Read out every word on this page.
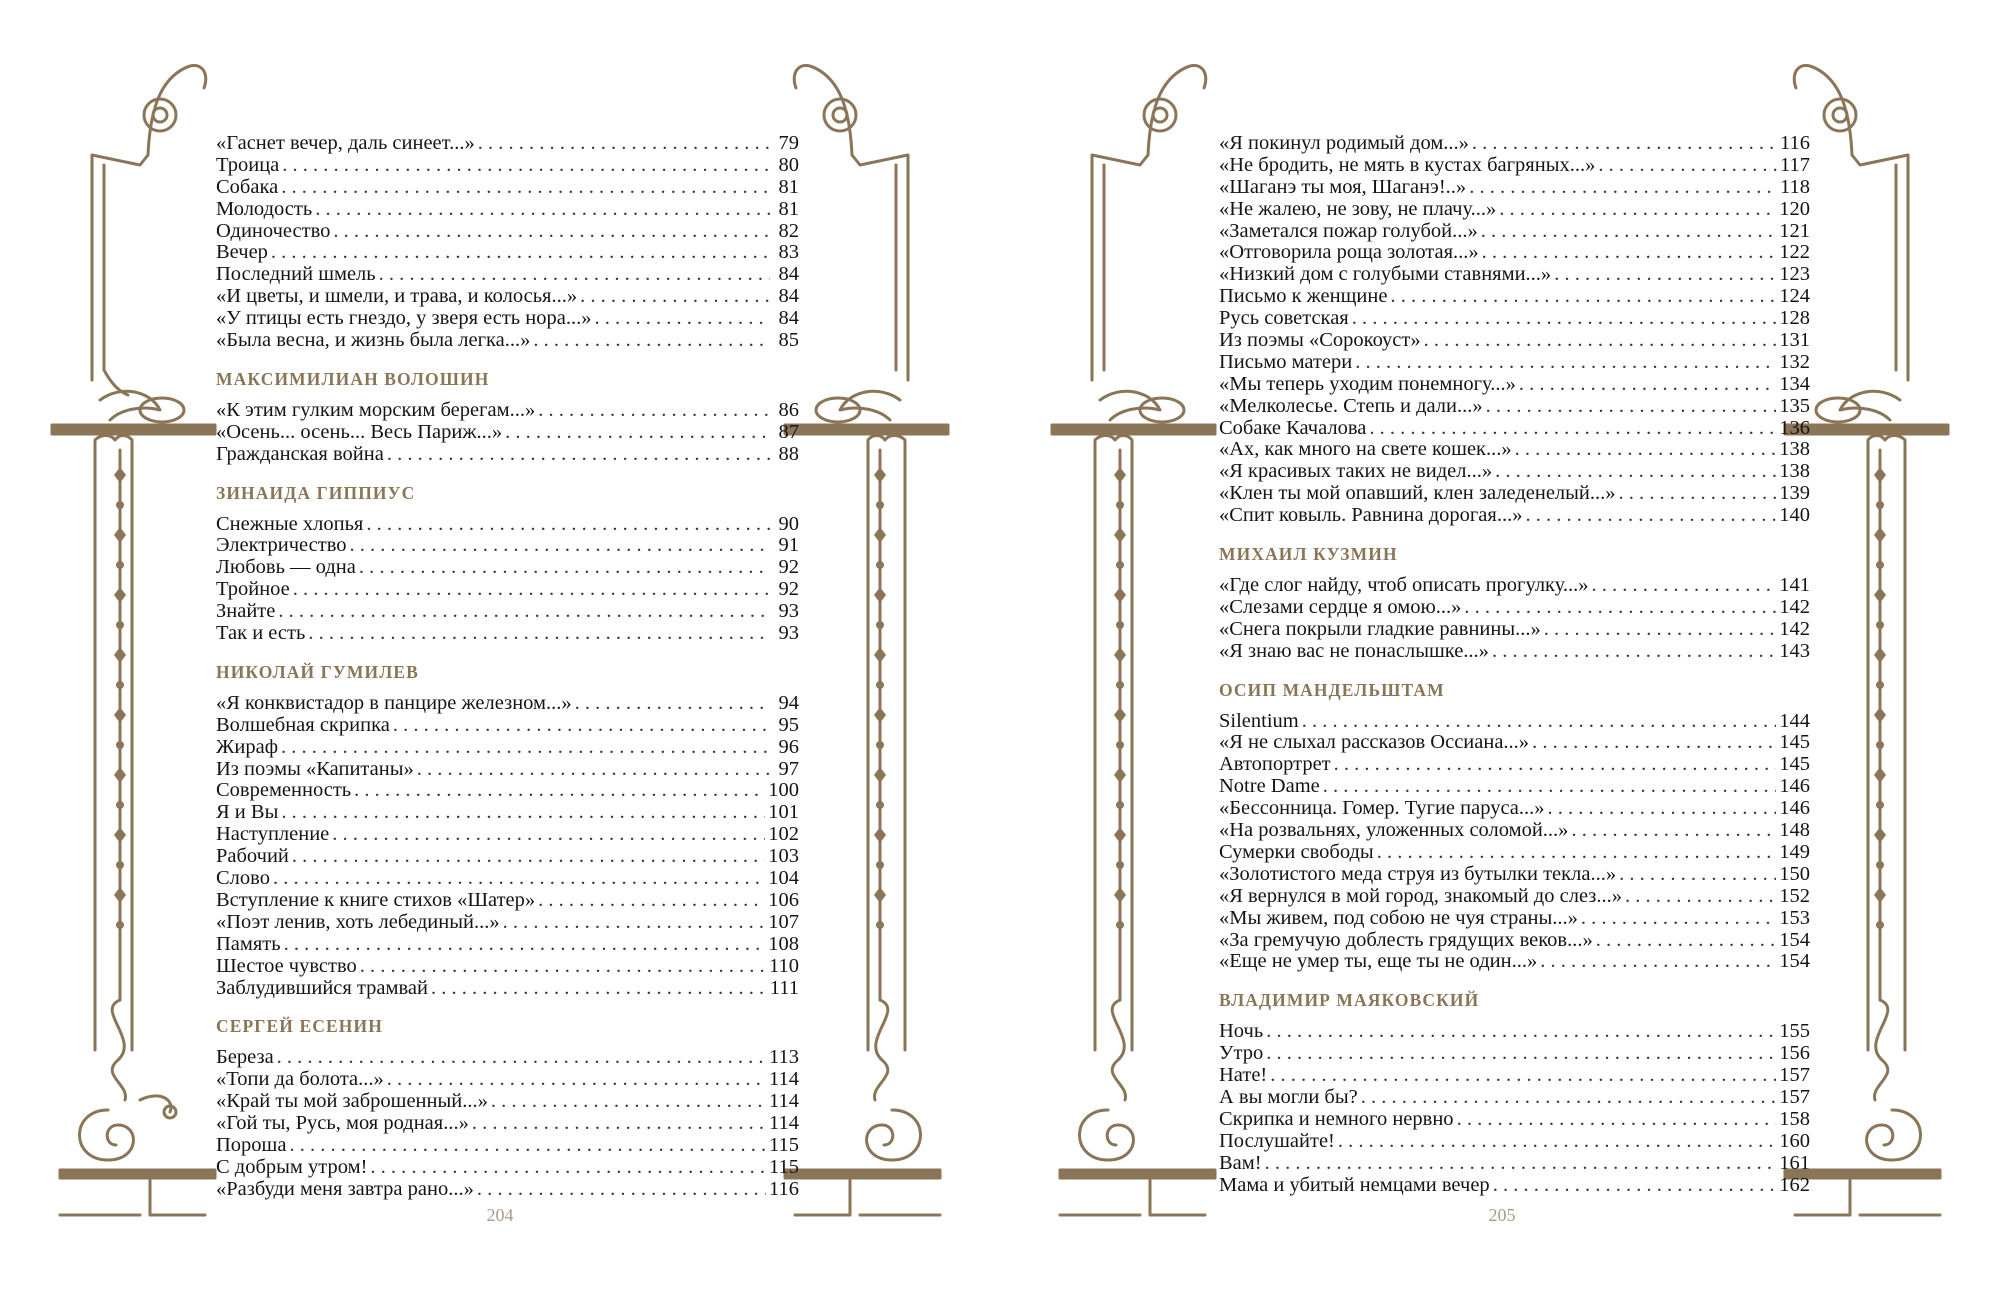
«Гаснет вечер, даль синеет...» . . .	79
Троица . . .	80
Собака . . .	81
Молодость . . .	81
Одиночество . . .	82
Вечер . . .	83
Последний шмель . . .	84
«И цветы, и шмели, и трава, и колосья...» . . .	84
«У птицы есть гнездо, у зверя есть нора...» . . .	84
«Была весна, и жизнь была легка...» . . .	85
МАКСИМИЛИАН ВОЛОШИН
«К этим гулким морским берегам...» . . .	86
«Осень... осень... Весь Париж...» . . .	87
Гражданская война . . .	88
ЗИНАИДА ГИППИУС
Снежные хлопья . . .	90
Электричество . . .	91
Любовь — одна . . .	92
Тройное . . .	92
Знайте . . .	93
Так и есть . . .	93
НИКОЛАЙ ГУМИЛЕВ
«Я конквистадор в панцире железном...» . . .	94
Волшебная скрипка . . .	95
Жираф . . .	96
Из поэмы «Капитаны» . . .	97
Современность . . .	100
Я и Вы . . .	101
Наступление . . .	102
Рабочий . . .	103
Слово . . .	104
Вступление к книге стихов «Шатер» . . .	106
«Поэт ленив, хоть лебединый...» . . .	107
Память . . .	108
Шестое чувство . . .	110
Заблудившийся трамвай . . .	111
СЕРГЕЙ ЕСЕНИН
Береза . . .	113
«Топи да болота...» . . .	114
«Край ты мой заброшенный...» . . .	114
«Гой ты, Русь, моя родная...» . . .	114
Пороша . . .	115
С добрым утром! . . .	115
«Разбуди меня завтра рано...» . . .	116
204
«Я покинул родимый дом...» . . .	116
«Не бродить, не мять в кустах багряных...» . . .	117
«Шаганэ ты моя, Шаганэ!..» . . .	118
«Не жалею, не зову, не плачу...» . . .	120
«Заметался пожар голубой...» . . .	121
«Отговорила роща золотая...» . . .	122
«Низкий дом с голубыми ставнями...» . . .	123
Письмо к женщине . . .	124
Русь советская . . .	128
Из поэмы «Сорокоуст» . . .	131
Письмо матери . . .	132
«Мы теперь уходим понемногу...» . . .	134
«Мелколесье. Степь и дали...» . . .	135
Собаке Качалова . . .	136
«Ах, как много на свете кошек...» . . .	138
«Я красивых таких не видел...» . . .	138
«Клен ты мой опавший, клен заледенелый...» . . .	139
«Спит ковыль. Равнина дорогая...» . . .	140
МИХАИЛ КУЗМИН
«Где слог найду, чтоб описать прогулку...» . . .	141
«Слезами сердце я омою...» . . .	142
«Снега покрыли гладкие равнины...» . . .	142
«Я знаю вас не понаслышке...» . . .	143
ОСИП МАНДЕЛЬШТАМ
Silentium . . .	144
«Я не слыхал рассказов Оссиана...» . . .	145
Автопортрет . . .	145
Notre Dame . . .	146
«Бессонница. Гомер. Тугие паруса...» . . .	146
«На розвальнях, уложенных соломой...» . . .	148
Сумерки свободы . . .	149
«Золотистого меда струя из бутылки текла...» . . .	150
«Я вернулся в мой город, знакомый до слез...» . . .	152
«Мы живем, под собою не чуя страны...» . . .	153
«За гремучую доблесть грядущих веков...» . . .	154
«Еще не умер ты, еще ты не один...» . . .	154
ВЛАДИМИР МАЯКОВСКИЙ
Ночь . . .	155
Утро . . .	156
Нате! . . .	157
А вы могли бы? . . .	157
Скрипка и немного нервно . . .	158
Послушайте! . . .	160
Вам! . . .	161
Мама и убитый немцами вечер . . .	162
205
